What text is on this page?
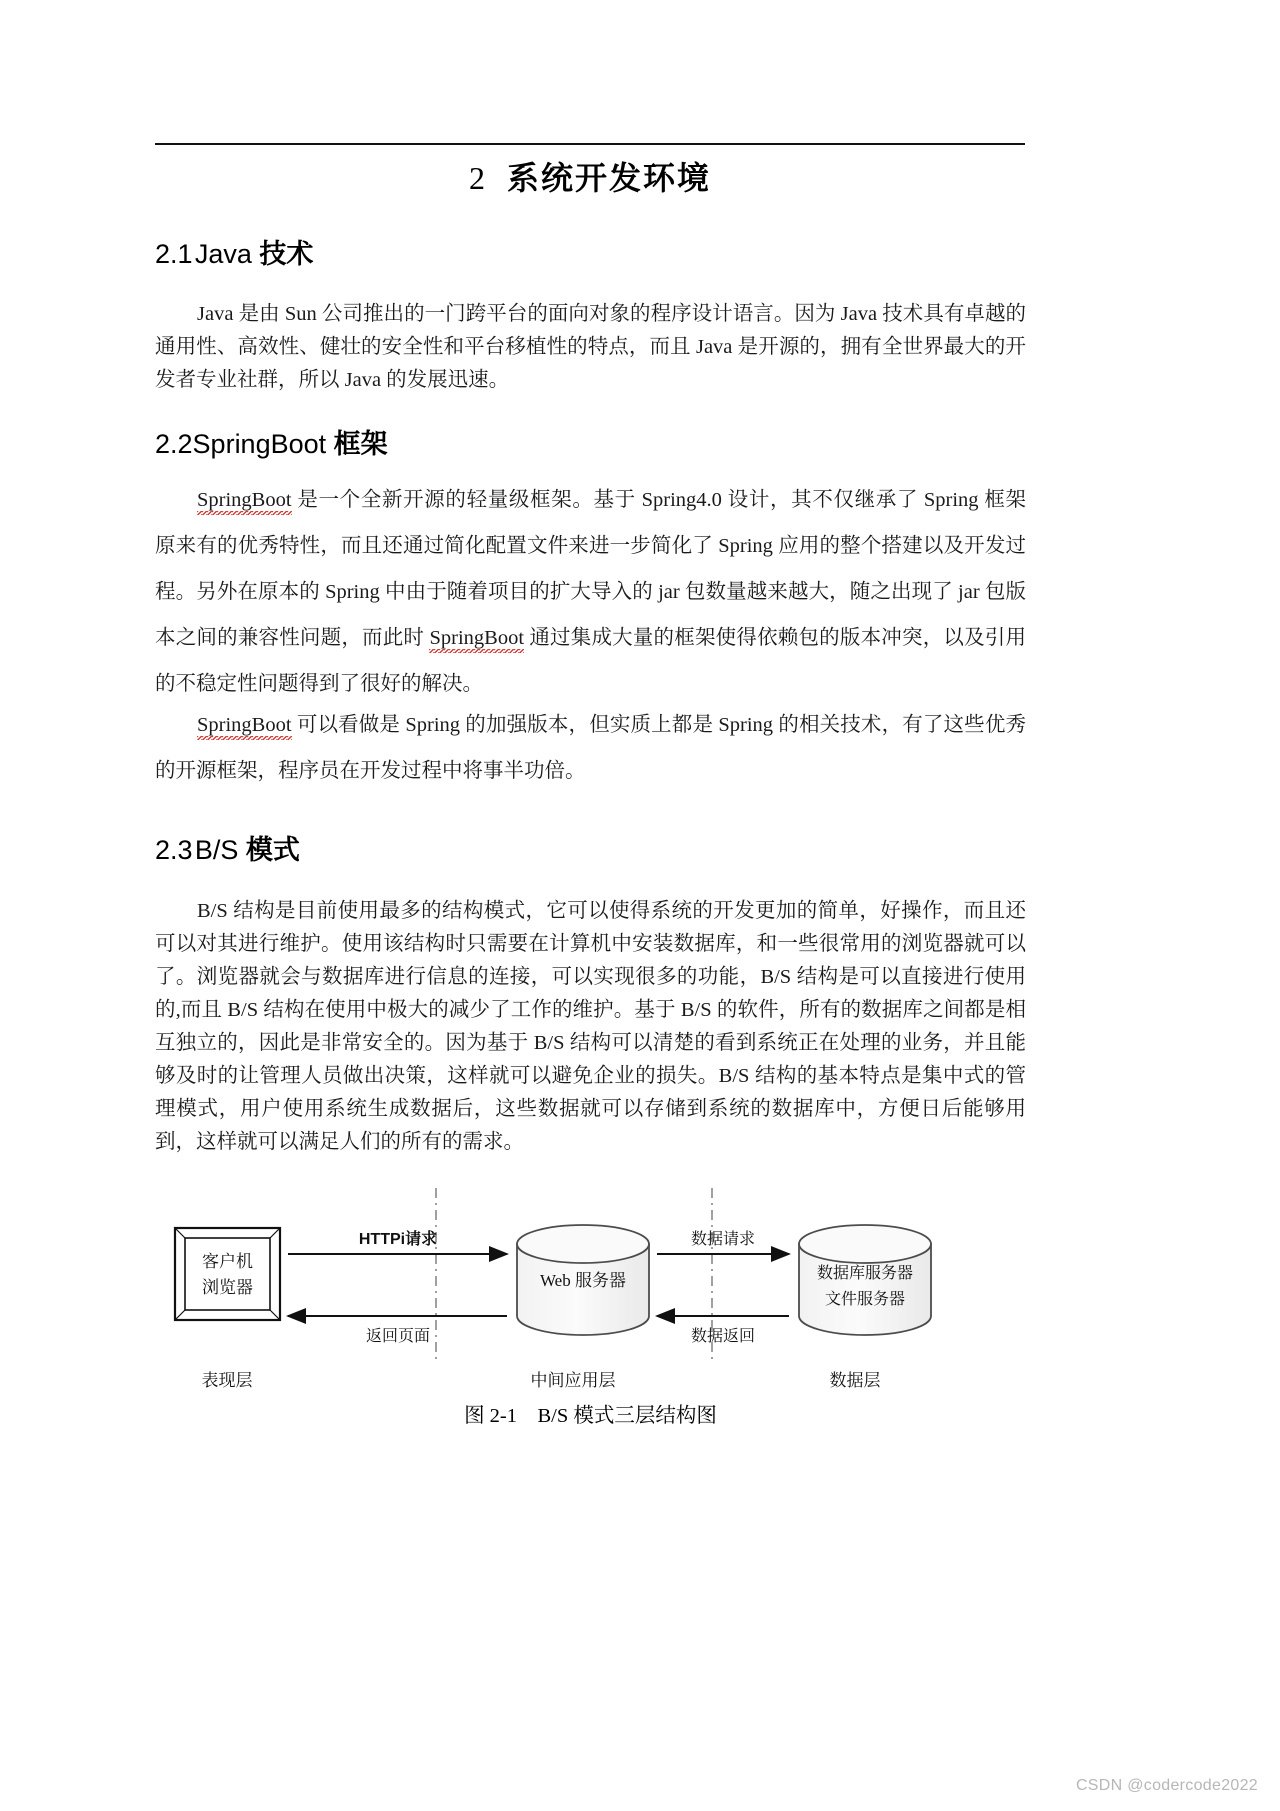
2 系统开发环境
2.1 Java 技术

Java 是由 Sun 公司推出的一门跨平台的面向对象的程序设计语言。因为 Java 技术具有卓越的通用性、高效性、健壮的安全性和平台移植性的特点，而且 Java 是开源的，拥有全世界最大的开发者专业社群，所以 Java 的发展迅速。

2.2SpringBoot 框架

SpringBoot 是一个全新开源的轻量级框架。基于 Spring4.0 设计，其不仅继承了 Spring 框架原来有的优秀特性，而且还通过简化配置文件来进一步简化了 Spring 应用的整个搭建以及开发过程。另外在原本的 Spring 中由于随着项目的扩大导入的 jar 包数量越来越大，随之出现了 jar 包版本之间的兼容性问题，而此时 SpringBoot 通过集成大量的框架使得依赖包的版本冲突，以及引用的不稳定性问题得到了很好的解决。

SpringBoot 可以看做是 Spring 的加强版本，但实质上都是 Spring 的相关技术，有了这些优秀的开源框架，程序员在开发过程中将事半功倍。

2.3 B/S 模式

B/S 结构是目前使用最多的结构模式，它可以使得系统的开发更加的简单，好操作，而且还可以对其进行维护。使用该结构时只需要在计算机中安装数据库，和一些很常用的浏览器就可以了。浏览器就会与数据库进行信息的连接，可以实现很多的功能，B/S 结构是可以直接进行使用的,而且 B/S 结构在使用中极大的减少了工作的维护。基于 B/S 的软件，所有的数据库之间都是相互独立的，因此是非常安全的。因为基于 B/S 结构可以清楚的看到系统正在处理的业务，并且能够及时的让管理人员做出决策，这样就可以避免企业的损失。B/S 结构的基本特点是集中式的管理模式，用户使用系统生成数据后，这些数据就可以存储到系统的数据库中，方便日后能够用到，这样就可以满足人们的所有的需求。

客户机
浏览器	Web 服务器	数据库服务器
文件服务器
HTTPi请求
返回页面
数据请求
数据返回
表现层	中间应用层	数据层
图 2-1　B/S 模式三层结构图
CSDN @codercode2022
